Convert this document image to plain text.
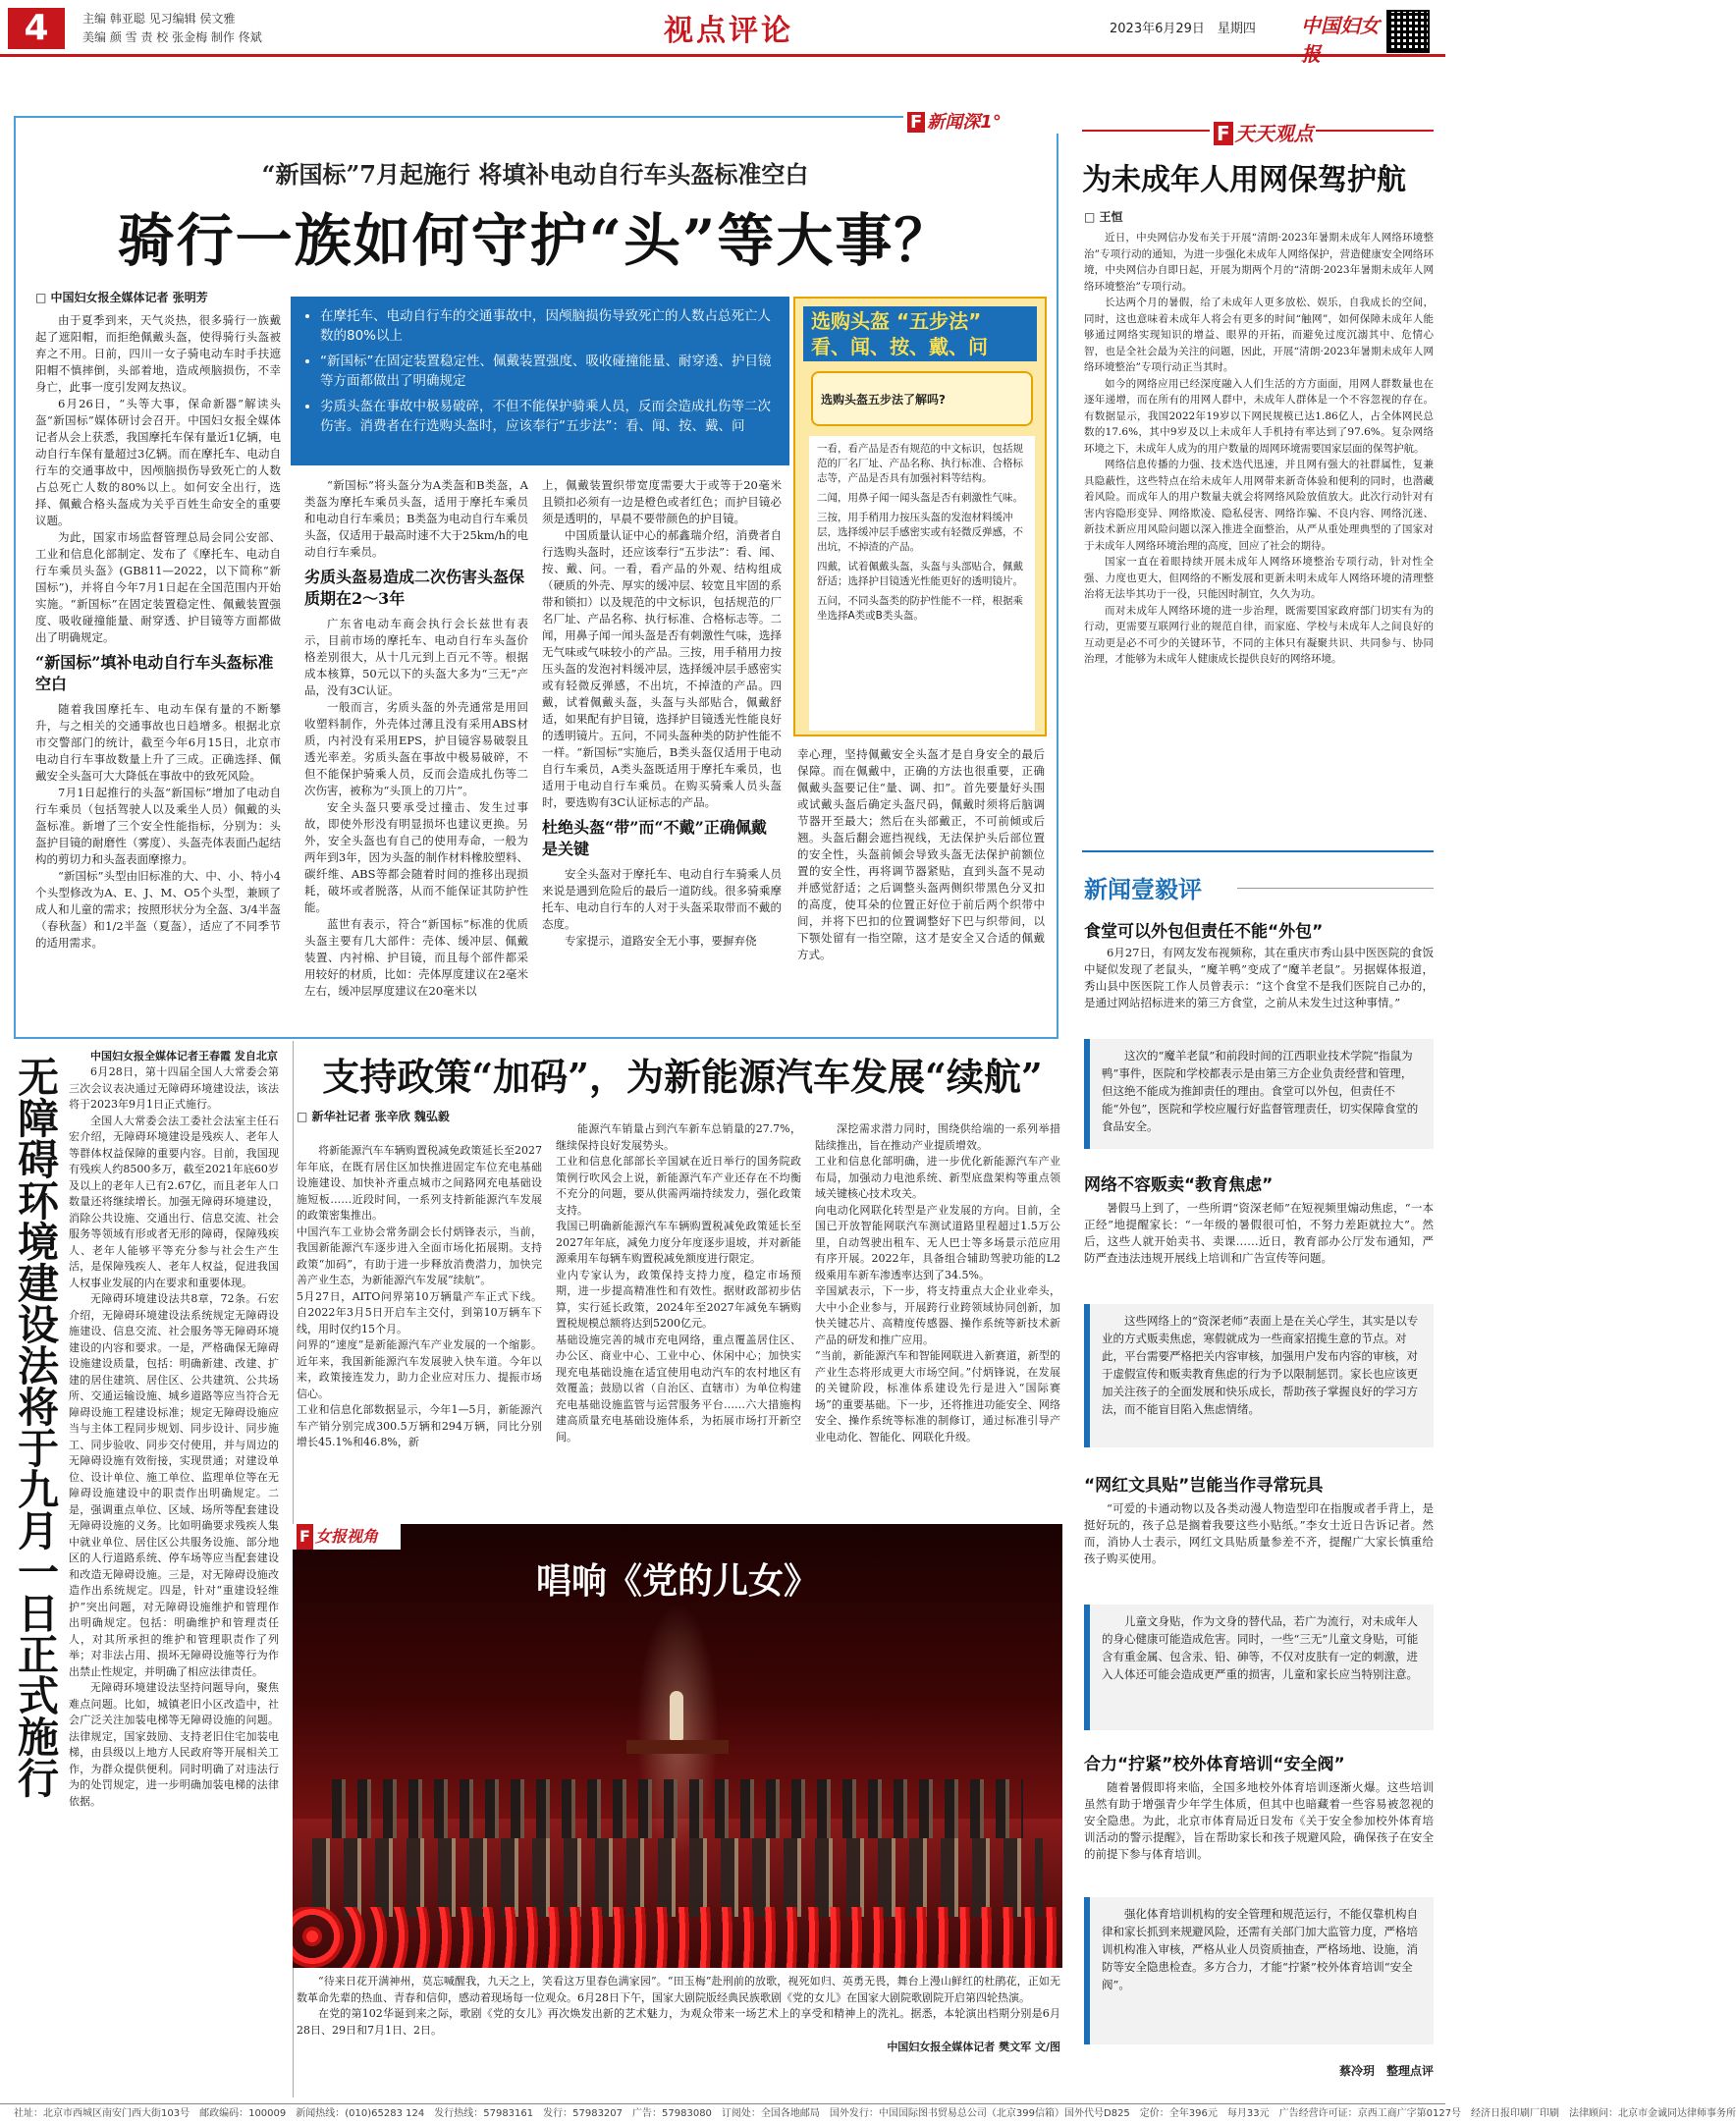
4	主编 韩亚聪 见习编辑 侯文雅
美编 颜 雪 责 校 张金梅 制作 佟斌	视点评论	2023年6月29日　星期四	中国妇女报
F 新闻深1°
“新国标”7月起施行 将填补电动自行车头盔标准空白
骑行一族如何守护“头”等大事？
□ 中国妇女报全媒体记者 张明芳

由于夏季到来，天气炎热，很多骑行一族戴起了遮阳帽，而拒绝佩戴头盔，使得骑行头盔被弃之不用。日前，四川一女子骑电动车时手扶遮阳帽不慎摔倒，头部着地，造成颅脑损伤，不幸身亡，此事一度引发网友热议。

6月26日，“头等大事，保命新器”解读头盔“新国标”媒体研讨会召开。中国妇女报全媒体记者从会上获悉，我国摩托车保有量近1亿辆，电动自行车保有量超过3亿辆。而在摩托车、电动自行车的交通事故中，因颅脑损伤导致死亡的人数占总死亡人数的80%以上。如何安全出行，选择、佩戴合格头盔成为关乎百姓生命安全的重要议题。

为此，国家市场监督管理总局会同公安部、工业和信息化部制定、发布了《摩托车、电动自行车乘员头盔》(GB811—2022，以下简称“新国标”)，并将自今年7月1日起在全国范围内开始实施。“新国标”在固定装置稳定性、佩戴装置强度、吸收碰撞能量、耐穿透、护目镜等方面都做出了明确规定。

“新国标”填补电动自行车头盔标准空白

随着我国摩托车、电动车保有量的不断攀升，与之相关的交通事故也日趋增多。根据北京市交警部门的统计，截至今年6月15日，北京市电动自行车事故数量上升了三成。正确选择、佩戴安全头盔可大大降低在事故中的致死风险。

7月1日起推行的头盔“新国标”增加了电动自行车乘员（包括驾驶人以及乘坐人员）佩戴的头盔标准。新增了三个安全性能指标，分别为：头盔护目镜的耐磨性（雾度）、头盔壳体表面凸起结构的剪切力和头盔表面摩擦力。

“新国标”头型由旧标准的大、中、小、特小4个头型修改为A、E、J、M、O5个头型，兼顾了成人和儿童的需求；按照形状分为全盔、3/4半盔（春秋盔）和1/2半盔（夏盔），适应了不同季节的适用需求。

• 在摩托车、电动自行车的交通事故中，因颅脑损伤导致死亡的人数占总死亡人数的80%以上
• “新国标”在固定装置稳定性、佩戴装置强度、吸收碰撞能量、耐穿透、护目镜等方面都做出了明确规定
• 劣质头盔在事故中极易破碎，不但不能保护骑乘人员，反而会造成扎伤等二次伤害。消费者在行选购头盔时，应该奉行“五步法”：看、闻、按、戴、问

“新国标”将头盔分为A类盔和B类盔，A类盔为摩托车乘员头盔，适用于摩托车乘员和电动自行车乘员；B类盔为电动自行车乘员头盔，仅适用于最高时速不大于25km/h的电动自行车乘员。

劣质头盔易造成二次伤害头盔保质期在2～3年

广东省电动车商会执行会长兹世有表示，目前市场的摩托车、电动自行车头盔价格差别很大，从十几元到上百元不等。根据成本核算，50元以下的头盔大多为“三无”产品，没有3C认证。

一般而言，劣质头盔的外壳通常是用回收塑料制作，外壳体过薄且没有采用ABS材质，内衬没有采用EPS，护目镜容易破裂且透光率差。劣质头盔在事故中极易破碎，不但不能保护骑乘人员，反而会造成扎伤等二次伤害，被称为“头顶上的刀片”。

安全头盔只要承受过撞击、发生过事故，即使外形没有明显损坏也建议更换。另外，安全头盔也有自己的使用寿命，一般为两年到3年，因为头盔的制作材料橡胶塑料、碳纤维、ABS等都会随着时间的推移出现损耗，破坏或者脱落，从而不能保证其防护性能。

蓝世有表示，符合“新国标”标准的优质头盔主要有几大部件：壳体、缓冲层、佩戴装置、内衬棉、护目镜，而且每个部件都采用较好的材质，比如：壳体厚度建议在2毫米左右，缓冲层厚度建议在20毫米以

上，佩戴装置织带宽度需要大于或等于20毫米且锁扣必须有一边是橙色或者红色；而护目镜必须是透明的，早晨不要带颜色的护目镜。

中国质量认证中心的郝鑫瑞介绍，消费者自行选购头盔时，还应该奉行“五步法”：看、闻、按、戴、问。一看，看产品的外观、结构组成（硬质的外壳、厚实的缓冲层、较宽且牢固的系带和锁扣）以及规范的中文标识，包括规范的厂名厂址、产品名称、执行标准、合格标志等。二闻，用鼻子闻一闻头盔是否有刺激性气味，选择无气味或气味较小的产品。三按，用手稍用力按压头盔的发泡衬料缓冲层，选择缓冲层手感密实或有轻微反弹感，不出坑，不掉渣的产品。四戴，试着佩戴头盔，头盔与头部贴合，佩戴舒适，如果配有护目镜，选择护目镜透光性能良好的透明镜片。五问，不同头盔种类的防护性能不一样。“新国标”实施后，B类头盔仅适用于电动自行车乘员，A类头盔既适用于摩托车乘员，也适用于电动自行车乘员。在购买骑乘人员头盔时，要选购有3C认证标志的产品。

杜绝头盔“带”而“不戴”正确佩戴是关键

安全头盔对于摩托车、电动自行车骑乘人员来说是遇到危险后的最后一道防线。很多骑乘摩托车、电动自行车的人对于头盔采取带而不戴的态度。

专家提示，道路安全无小事，要摒弃侥

选购头盔 “五步法”
看、闻、按、戴、问
选购头盔五步法了解吗?
一看，看产品是否有规范的中文标识，包括规范的厂名厂址、产品名称、执行标准、合格标志等，产品是否具有加强衬料等结构。
二闻，用鼻子闻一闻头盔是否有刺激性气味。
三按，用手稍用力按压头盔的发泡材料缓冲层，选择缓冲层手感密实或有轻微反弹感，不出坑，不掉渣的产品。
四戴，试着佩戴头盔，头盔与头部贴合，佩戴舒适；选择护目镜透光性能更好的透明镜片。
五问，不同头盔类的防护性能不一样，根据乘坐选择A类或B类头盔。

幸心理，坚持佩戴安全头盔才是自身安全的最后保障。而在佩戴中，正确的方法也很重要，正确佩戴头盔要记住“量、调、扣”。首先要量好头围或试戴头盔后确定头盔尺码，佩戴时须将后脑调节器开至最大；然后在头部戴正，不可前倾或后翘。头盔后翻会遮挡视线，无法保护头后部位置的安全性，头盔前倾会导致头盔无法保护前额位置的安全性，再将调节器紧贴，直到头盔不晃动并感觉舒适；之后调整头盔两侧织带黑色分叉扣的高度，使耳朵的位置正好位于前后两个织带中间，并将下巴扣的位置调整好下巴与织带间，以下颚处留有一指空隙，这才是安全又合适的佩戴方式。

F 天天观点
为未成年人用网保驾护航
□ 王恒

近日，中央网信办发布关于开展“清朗·2023年暑期未成年人网络环境整治”专项行动的通知，为进一步强化未成年人网络保护，营造健康安全网络环境，中央网信办自即日起，开展为期两个月的“清朗·2023年暑期未成年人网络环境整治”专项行动。

长达两个月的暑假，给了未成年人更多放松、娱乐，自我成长的空间，同时，这也意味着未成年人将会有更多的时间“触网”，如何保障未成年人能够通过网络实现知识的增益、眼界的开拓，而避免过度沉溺其中、危情心智，也是全社会最为关注的问题，因此，开展“清朗·2023年暑期未成年人网络环境整治”专项行动正当其时。

如今的网络应用已经深度融入人们生活的方方面面，用网人群数量也在逐年递增，而在所有的用网人群中，未成年人群体是一个不容忽视的存在。有数据显示，我国2022年19岁以下网民规模已达1.86亿人，占全体网民总数的17.6%，其中9岁及以上未成年人手机持有率达到了97.6%。复杂网络环境之下，未成年人成为的用户数量的周网环境需要国家层面的保驾护航。

网络信息传播的力强、技术迭代迅速，并且网有强大的社群属性，复兼具隐蔽性，这些特点在给未成年人用网带来新奇体验和便利的同时，也潜藏着风险。而成年人的用户数量夫就会将网络风险放值放大。此次行动针对有害内容隐形变异、网络欺凌、隐私侵害、网络诈骗、不良内容、网络沉迷、新技术新应用风险问题以深入推进全面整治，从严从重处理典型的了国家对于未成年人网络环境治理的高度，回应了社会的期待。

国家一直在着眼持续开展未成年人网络环境整治专项行动，针对性全强、力度也更大，但网络的不断发展和更新未明未成年人网络环境的清理整治将无法毕其功于一役，只能因时制宜，久久为功。

而对未成年人网络环境的进一步治理，既需要国家政府部门切实有为的行动，更需要互联网行业的规范自律，而家庭、学校与未成年人之间良好的互动更是必不可少的关键环节，不同的主体只有凝聚共识、共同参与、协同治理，才能够为未成年人健康成长提供良好的网络环境。

新闻壹毅评
食堂可以外包但责任不能“外包”

6月27日，有网友发布视频称，其在重庆市秀山县中医医院的食饭中疑似发现了老鼠头，“魔羊鸭”变成了“魔羊老鼠”。另据媒体报道，秀山县中医医院工作人员曾表示：“这个食堂不是我们医院自己办的，是通过网站招标进来的第三方食堂，之前从未发生过这种事情。”

这次的“魔羊老鼠”和前段时间的江西职业技术学院“指鼠为鸭”事件，医院和学校都表示是由第三方企业负责经营和管理，但这绝不能成为推卸责任的理由。食堂可以外包，但责任不能“外包”，医院和学校应履行好监督管理责任，切实保障食堂的食品安全。
网络不容贩卖“教育焦虑”

暑假马上到了，一些所谓“资深老师”在短视频里煽动焦虑，“一本正经”地提醒家长：“一年级的暑假很可怕，不努力差距就拉大”。然后，这些人就开始卖书、卖课……近日，教育部办公厅发布通知，严防严查违法违规开展线上培训和广告宣传等问题。

这些网络上的“资深老师”表面上是在关心学生，其实是以专业的方式贩卖焦虑，寒假就成为一些商家招揽生意的节点。对此，平台需要严格把关内容审核，加强用户发布内容的审核，对于虚假宣传和贩卖教育焦虑的行为予以限制惩罚。家长也应该更加关注孩子的全面发展和快乐成长，帮助孩子掌握良好的学习方法，而不能盲目陷入焦虑情绪。
“网红文具贴”岂能当作寻常玩具

“可爱的卡通动物以及各类动漫人物造型印在指腹或者手背上，是挺好玩的，孩子总是搁着我要这些小贴纸。”李女士近日告诉记者。然而，消协人士表示，网红文具贴质量参差不齐，提醒广大家长慎重给孩子购买使用。

儿童文身贴，作为文身的替代品，若广为流行，对未成年人的身心健康可能造成危害。同时，一些“三无”儿童文身贴，可能含有重金属、包含汞、铅、砷等，不仅对皮肤有一定的刺激，进入人体还可能会造成更严重的损害，儿童和家长应当特别注意。
合力“拧紧”校外体育培训“安全阀”

随着暑假即将来临，全国多地校外体育培训逐渐火爆。这些培训虽然有助于增强青少年学生体质，但其中也暗藏着一些容易被忽视的安全隐患。为此，北京市体育局近日发布《关于安全参加校外体育培训活动的警示提醒》，旨在帮助家长和孩子规避风险，确保孩子在安全的前提下参与体育培训。

强化体育培训机构的安全管理和规范运行，不能仅靠机构自律和家长抓到来规避风险，还需有关部门加大监管力度，严格培训机构准入审核，严格从业人员资质抽查，严格场地、设施，消防等安全隐患检查。多方合力，才能“拧紧”校外体育培训“安全阀”。
蔡冷玥　整理点评
无障碍环境建设法将于九月一日正式施行	中国妇女报全媒体记者王春霞 发自北京

6月28日，第十四届全国人大常委会第三次会议表决通过无障碍环境建设法，该法将于2023年9月1日正式施行。

全国人大常委会法工委社会法室主任石宏介绍，无障碍环境建设是残疾人、老年人等群体权益保障的重要内容。目前，我国现有残疾人约8500多万，截至2021年底60岁及以上的老年人已有2.67亿，而且老年人口数量还将继续增长。加强无障碍环境建设，消除公共设施、交通出行、信息交流、社会服务等领域有形或者无形的障碍，保障残疾人、老年人能够平等充分参与社会生产生活，是保障残疾人、老年人权益，促进我国人权事业发展的内在要求和重要体现。

无障碍环境建设法共8章，72条。石宏介绍，无障碍环境建设法系统规定无障碍设施建设、信息交流、社会服务等无障碍环境建设的内容和要求。一是，严格确保无障碍设施建设质量，包括：明确新建、改建、扩建的居住建筑、居住区、公共建筑、公共场所、交通运输设施、城乡道路等应当符合无障碍设施工程建设标准；规定无障碍设施应当与主体工程同步规划、同步设计、同步施工、同步验收、同步交付使用，并与周边的无障碍设施有效衔接，实现贯通；对建设单位、设计单位、施工单位、监理单位等在无障碍设施建设中的职责作出明确规定。二是，强调重点单位、区域、场所等配套建设无障碍设施的义务。比如明确要求残疾人集中就业单位、居住区公共服务设施、部分地区的人行道路系统、停车场等应当配套建设和改造无障碍设施。三是，对无障碍设施改造作出系统规定。四是，针对“重建设轻维护”突出问题，对无障碍设施维护和管理作出明确规定。包括：明确维护和管理责任人，对其所承担的维护和管理职责作了列举；对非法占用、损坏无障碍设施等行为作出禁止性规定，并明确了相应法律责任。

无障碍环境建设法坚持问题导向，聚焦难点问题。比如，城镇老旧小区改造中，社会广泛关注加装电梯等无障碍设施的问题。法律规定，国家鼓励、支持老旧住宅加装电梯，由县级以上地方人民政府等开展相关工作，为群众提供便利。同时明确了对违法行为的处罚规定，进一步明确加装电梯的法律依据。

支持政策“加码”，为新能源汽车发展“续航”
□ 新华社记者 张辛欣 魏弘毅

将新能源汽车车辆购置税减免政策延长至2027年年底，在既有居住区加快推进固定车位充电基础设施建设、加快补齐重点城市之间路网充电基础设施短板……近段时间，一系列支持新能源汽车发展的政策密集推出。
中国汽车工业协会常务副会长付炳锋表示，当前，我国新能源汽车逐步进入全面市场化拓展期。支持政策“加码”，有助于进一步释放消费潜力，加快完善产业生态，为新能源汽车发展“续航”。
5月27日，AITO问界第10万辆量产车正式下线。自2022年3月5日开启车主交付，到第10万辆车下线，用时仅约15个月。
问界的“速度”是新能源汽车产业发展的一个缩影。近年来，我国新能源汽车发展驶入快车道。今年以来，政策接连发力，助力企业应对压力、提振市场信心。
工业和信息化部数据显示，今年1—5月，新能源汽车产销分别完成300.5万辆和294万辆，同比分别增长45.1%和46.8%，新

能源汽车销量占到汽车新车总销量的27.7%，继续保持良好发展势头。
工业和信息化部部长辛国斌在近日举行的国务院政策例行吹风会上说，新能源汽车产业还存在不均衡不充分的问题，要从供需两端持续发力，强化政策支持。
我国已明确新能源汽车车辆购置税减免政策延长至2027年年底，减免力度分年度逐步退坡，并对新能源乘用车每辆车购置税减免额度进行限定。
业内专家认为，政策保持支持力度，稳定市场预期，进一步提高精准性和有效性。据财政部初步估算，实行延长政策，2024年至2027年减免车辆购置税规模总额将达到5200亿元。
基础设施完善的城市充电网络，重点覆盖居住区、办公区、商业中心、工业中心、休闲中心；加快实现充电基础设施在适宜使用电动汽车的农村地区有效覆盖；鼓励以省（自治区、直辖市）为单位构建充电基础设施监管与运营服务平台……六大措施构建高质量充电基础设施体系，为拓展市场打开新空间。

深挖需求潜力同时，围绕供给端的一系列举措陆续推出，旨在推动产业提质增效。
工业和信息化部明确，进一步优化新能源汽车产业布局，加强动力电池系统、新型底盘架构等重点领域关键核心技术攻关。
向电动化网联化转型是产业发展的方向。目前，全国已开放智能网联汽车测试道路里程超过1.5万公里，自动驾驶出租车、无人巴士等多场景示范应用有序开展。2022年，具备组合辅助驾驶功能的L2级乘用车新车渗透率达到了34.5%。
辛国斌表示，下一步，将支持重点大企业业牵头，大中小企业参与，开展跨行业跨领域协同创新，加快关键芯片、高精度传感器、操作系统等新技术新产品的研发和推广应用。
“当前，新能源汽车和智能网联进入新赛道，新型的产业生态将形成更大市场空间。”付炳锋说，在发展的关键阶段，标准体系建设先行是进入“国际赛场”的重要基础。下一步，还将推进功能安全、网络安全、操作系统等标准的制修订，通过标准引导产业电动化、智能化、网联化升级。

F 女报视角
唱响《党的儿女》

“待来日花开满神州，莫忘喊醒我，九天之上，笑看这万里春色满家园”。“田玉梅”赴刑前的放歌，视死如归、英勇无畏，舞台上漫山鲜红的杜鹃花，正如无数革命先辈的热血、青春和信仰，感动着现场每一位观众。6月28日下午，国家大剧院版经典民族歌剧《党的女儿》在国家大剧院歌剧院开启第四轮热演。

在党的第102华诞到来之际，歌剧《党的女儿》再次焕发出新的艺术魅力，为观众带来一场艺术上的享受和精神上的洗礼。据悉，本轮演出档期分别是6月28日、29日和7月1日、2日。

中国妇女报全媒体记者 樊文军 文/图
社址：北京市西城区南安门西大街103号　邮政编码：100009　新闻热线：(010)65283 124　发行热线：57983161　发行：57983207　广告：57983080　订阅处：全国各地邮局　国外发行：中国国际图书贸易总公司（北京399信箱）国外代号D825　定价：全年396元　每月33元　广告经营许可证：京西工商广字第0127号　经济日报印刷厂印刷　法律顾问：北京市金诚同达律师事务所
